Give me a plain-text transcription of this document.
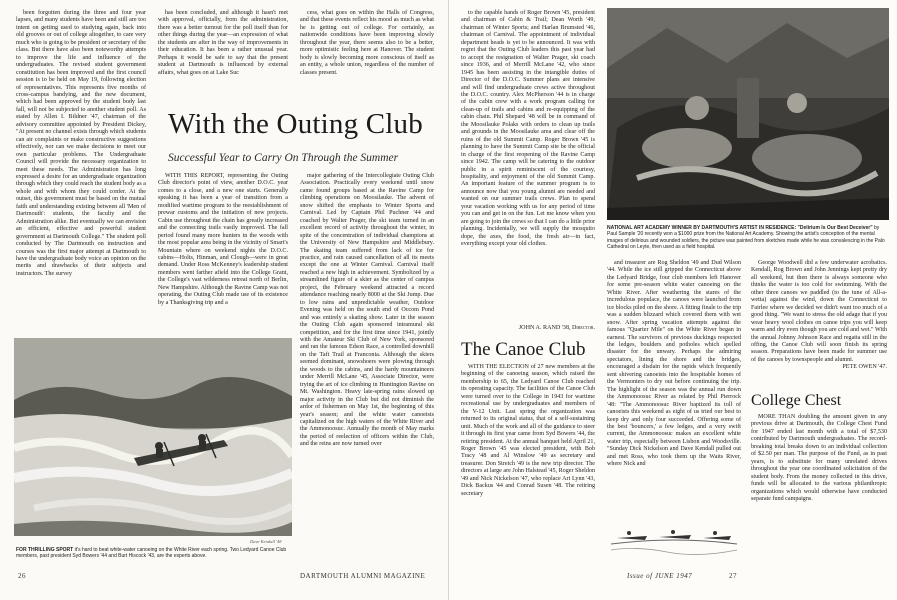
been forgotten during the three and four year lapses, and many students have been and still are too intent on getting used to studying again, back into old grooves or out of college altogether, to care very much who is going to be president or secretary of the class. But there have also been noteworthy attempts to improve the life and influence of the undergraduates. The revised student government constitution has been improved and the first council session is to be held on May 19, following election of representatives. This represents five months of cross-campus bandying, and the new document, which had been approved by the student body last fall, will not be subjected to another student poll. As stated by Allen I. Bildner '47, chairman of the advisory committee appointed by President Dickey, "At present no channel exists through which students can air complaints or make constructive suggestions effectively, nor can we make decisions to meet our own particular problems. The Undergraduate Council will provide the necessary organization to meet these needs. The Administration has long expressed a desire for an undergraduate organization through which they could reach the student body as a whole and with whom they could confer. At the outset, this government must be based on the mutual faith and understanding existing between all 'Men of Dartmouth': students, the faculty and the Administration alike. But eventually we can envision an efficient, effective and powerful student government at Dartmouth College." The student poll conducted by The Dartmouth on instruction and courses was the first major attempt at Dartmouth to have the undergraduate body voice an opinion on the merits and drawbacks of their subjects and instructors. The survey

has been concluded, and although it hasn't met with approval, officially, from the administration, there was a better turnout for the poll itself than for other things during the year—an expression of what the students are after in the way of improvements in their education. It has been a rather unusual year. Perhaps it would be safe to say that the present student at Dartmouth is influenced by external affairs, what goes on at Lake Suc

cess, what goes on within the Halls of Congress, and that these events reflect his mood as much as what he is getting out of college. For certainly, as nationwide conditions have been improving slowly throughout the year, there seems also to be a better, more optimistic feeling here at Hanover. The student body is slowly becoming more conscious of itself as an entity, a whole union, regardless of the number of classes present.

With the Outing Club
Successful Year to Carry On Through the Summer

WITH THIS REPORT, representing the Outing Club director's point of view, another D.O.C. year comes to a close, and a new one starts. Generally speaking it has been a year of transition from a modified wartime program to the reestablishment of prewar customs and the initiation of new projects. Cabin use throughout the chain has greatly increased and the connecting trails vastly improved. The fall period found many more hunters in the woods with the most popular area being in the vicinity of Smart's Mountain where on weekend nights the D.O.C. cabins—Holts, Hinman, and Clough—were in great demand. Under Ross McKenney's leadership student members went farther afield into the College Grant, the College's vast wilderness retreat north of Berlin, New Hampshire. Although the Ravine Camp was not operating, the Outing Club made use of its existence by a Thanksgiving trip and a

major gathering of the Intercollegiate Outing Club Association. Practically every weekend until snow came found groups based at the Ravine Camp for climbing operations on Moosilauke. The advent of snow shifted the emphasis to Winter Sports and Carnival. Led by Captain Phil Puchner '44 and coached by Walter Prager, the ski team turned in an excellent record of activity throughout the winter, in spite of the concentration of individual champions at the University of New Hampshire and Middlebury. The skating team suffered from lack of ice for practice, and rain caused cancellation of all its meets except the one at Winter Carnival. Carnival itself reached a new high in achievement. Symbolized by a streamlined figure of a skier as the center of campus project, the February weekend attracted a record attendance reaching nearly 8000 at the Ski Jump. Due to low rains and unpredictable weather, Outdoor Evening was held on the south end of Occom Pond and was entirely a skating show. Later in the season the Outing Club again sponsored intramural ski competition, and for the first time since 1941, jointly with the Amateur Ski Club of New York, sponsored and ran the famous Edson Race, a controlled downhill on the Taft Trail at Franconia. Although the skiers seemed dominant, snowshoers were plowing through the woods to the cabins, and the hardy mountaineers under Merrill McLane '45, Associate Director, were trying the art of ice climbing in Huntington Ravine on Mt. Washington. Heavy late-spring rains slowed up major activity in the Club but did not diminish the ardor of fishermen on May 1st, the beginning of this year's season; and the white water canoeists capitalized on the high waters of the White River and the Ammonoosuc. Annually the month of May marks the period of reelection of officers within the Club, and the reins are now turned over

Dave Kendall '48
FOR THRILLING SPORT it's hard to beat white-water canoeing on the White River each spring. Two Ledyard Canoe Club members, past president Syd Bowers '44 and Burt Hiscock '43, are the experts above.
26	DARTMOUTH ALUMNI MAGAZINE

to the capable hands of Roger Brown '45, president and chairman of Cabin & Trail; Dean Worth '49, chairman of Winter Sports; and Harlan Brumsted '46, chairman of Carnival. The appointment of individual department heads is yet to be announced. It was with regret that the Outing Club leaders this past year had to accept the resignation of Walter Prager, ski coach since 1936, and of Merrill McLane '42, who since 1945 has been assisting in the intangible duties of Director of the D.O.C. Summer plans are intensive and will find undergraduate crews active throughout the D.O.C. country. Alex McPherson '44 is in charge of the cabin crew with a work program calling for clean-up of trails and cabins and re-equipping of the cabin chain. Phil Shepard '48 will be in command of the Moosilauke Polaks with orders to clean up trails and grounds in the Moosilauke area and clear off the ruins of the old Summit Camp. Roger Brown '45 is planning to have the Summit Camp site be the official in charge of the first reopening of the Ravine Camp since 1942. The camp will be catering to the outdoor public in a spirit reminiscent of the courtesy, hospitality, and enjoyment of the old Summit Camp. An important feature of the summer program is to announce now that you young alumni are needed and wanted on our summer trails crews. Plan to spend your vacation working with us for any period of time you can and get in on the fun. Let me know when you are going to join the crews so that I can do a little prior planning. Incidentally, we will supply the mosquito dope, the axes, the food, the fresh air—in fact, everything except your old clothes.

JOHN A. RAND '38, Director.
NATIONAL ART ACADEMY WINNER BY DARTMOUTH'S ARTIST IN RESIDENCE: "Delirium Is Our Best Deceiver" by Paul Sample '20 recently won a $1000 prize from the National Art Academy. Showing the artist's conception of the mental images of delirious and wounded soldiers, the picture was painted from sketches made while he was convalescing in the Palo Cathedral on Leyte, then used as a field hospital.
The Canoe Club

WITH THE ELECTION of 27 new members at the beginning of the canoeing season, which raised the membership to 65, the Ledyard Canoe Club reached its operating capacity. The facilities of the Canoe Club were turned over to the College in 1943 for wartime recreational use by undergraduates and members of the V-12 Unit. Last spring the organization was returned to its original status, that of a self-sustaining unit. Much of the work and all of the guidance to steer it through its first year came from Syd Bowers '44, the retiring president. At the annual banquet held April 21, Roger Brown '45 was elected president, with Bob Tracy '48 and Al Winslow '49 as secretary and treasurer. Don Streich '49 is the new trip director. The directors at large are John Halstead '45, Roger Sheldon '49 and Nick Nickelson '47, who replace Art Lynn '43, Dick Backus '44 and Conrad Susen '48. The retiring secretary

and treasurer are Rog Sheldon '49 and Dud Wilson '44. While the ice still gripped the Connecticut above the Ledyard Bridge, four club members left Hanover for some pre-season white water canoeing on the White River. After weathering the stares of the incredulous populace, the canoes were launched from ice blocks piled on the shore. A fitting finale to the trip was a sudden blizzard which covered them with wet snow. After spring vacation attempts against the famous "Quarter Mile" on the White River began in earnest. The survivors of previous duckings respected the ledges, boulders and potholes which spelled disaster for the unwary. Perhaps the admiring spectators, lining the shore and the bridges, encouraged a disdain for the rapids which frequently sent shivering canoeists into the hospitable homes of the Vermonters to dry out before continuing the trip. The highlight of the season was the annual run down the Ammonoosuc River as related by Phil Pierrock '48: "The Ammonoosuc River baptized its toll of canoeists this weekend as eight of us tried our best to keep dry and only four succeeded. Offering some of the best 'bouncers,' a few ledges, and a very swift current, the Ammonoosuc makes an excellent white water trip, especially between Lisbon and Woodsville. "Sunday Dick Nickelson and Dave Kendall pulled out and met Ross, who took them up the Waits River, where Nick and

George Woodwell did a few underwater acrobatics. Kendall, Rog Brown and John Jennings kept pretty dry all weekend, but then there is always someone who thinks the water is too cold for swimming. With the other three canoes we paddled (to the tune of All-a-wetta) against the wind, down the Connecticut to Fairlee where we decided we didn't want too much of a good thing. "We want to stress the old adage that if you wear heavy wool clothes on canoe trips you will keep warm and dry even though you are cold and wet." With the annual Johnny Johnson Race and regatta still in the offing, the Canoe Club will soon finish its spring season. Preparations have been made for summer use of the canoes by townspeople and alumni.

PETE OWEN '47.
College Chest

MORE THAN doubling the amount given in any previous drive at Dartmouth, the College Chest Fund for 1947 ended last month with a total of $7,530 contributed by Dartmouth undergraduates. The record-breaking total breaks down to an individual collection of $2.50 per man. The purpose of the Fund, as in past years, is to substitute for many unrelated drives throughout the year one coordinated solicitation of the student body. From the money collected in this drive, funds will be allocated to the various philanthropic organizations which would otherwise have conducted separate fund campaigns.

Issue of JUNE 1947	27
